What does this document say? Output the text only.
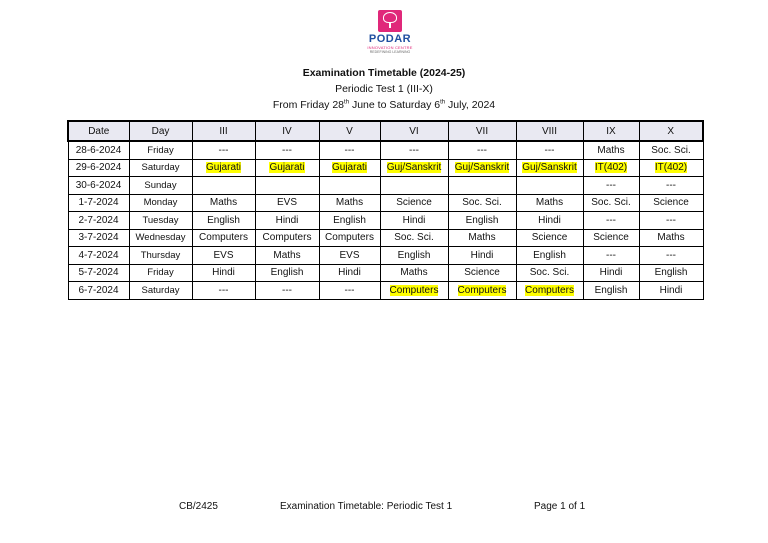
PODAR
INNOVATION CENTRE
REDEFINING LEARNING
Examination Timetable (2024-25)
Periodic Test 1 (III-X)
From Friday 28th June to Saturday 6th July, 2024
Date	Day	III	IV	V	VI	VII	VIII	IX	X
28-6-2024	Friday	---	---	---	---	---	---	Maths	Soc. Sci.
29-6-2024	Saturday	Gujarati	Gujarati	Gujarati	Guj/Sanskrit	Guj/Sanskrit	Guj/Sanskrit	IT(402)	IT(402)
30-6-2024	Sunday							---	---
1-7-2024	Monday	Maths	EVS	Maths	Science	Soc. Sci.	Maths	Soc. Sci.	Science
2-7-2024	Tuesday	English	Hindi	English	Hindi	English	Hindi	---	---
3-7-2024	Wednesday	Computers	Computers	Computers	Soc. Sci.	Maths	Science	Science	Maths
4-7-2024	Thursday	EVS	Maths	EVS	English	Hindi	English	---	---
5-7-2024	Friday	Hindi	English	Hindi	Maths	Science	Soc. Sci.	Hindi	English
6-7-2024	Saturday	---	---	---	Computers	Computers	Computers	English	Hindi
CB/2425	Examination Timetable: Periodic Test 1	Page 1 of 1
